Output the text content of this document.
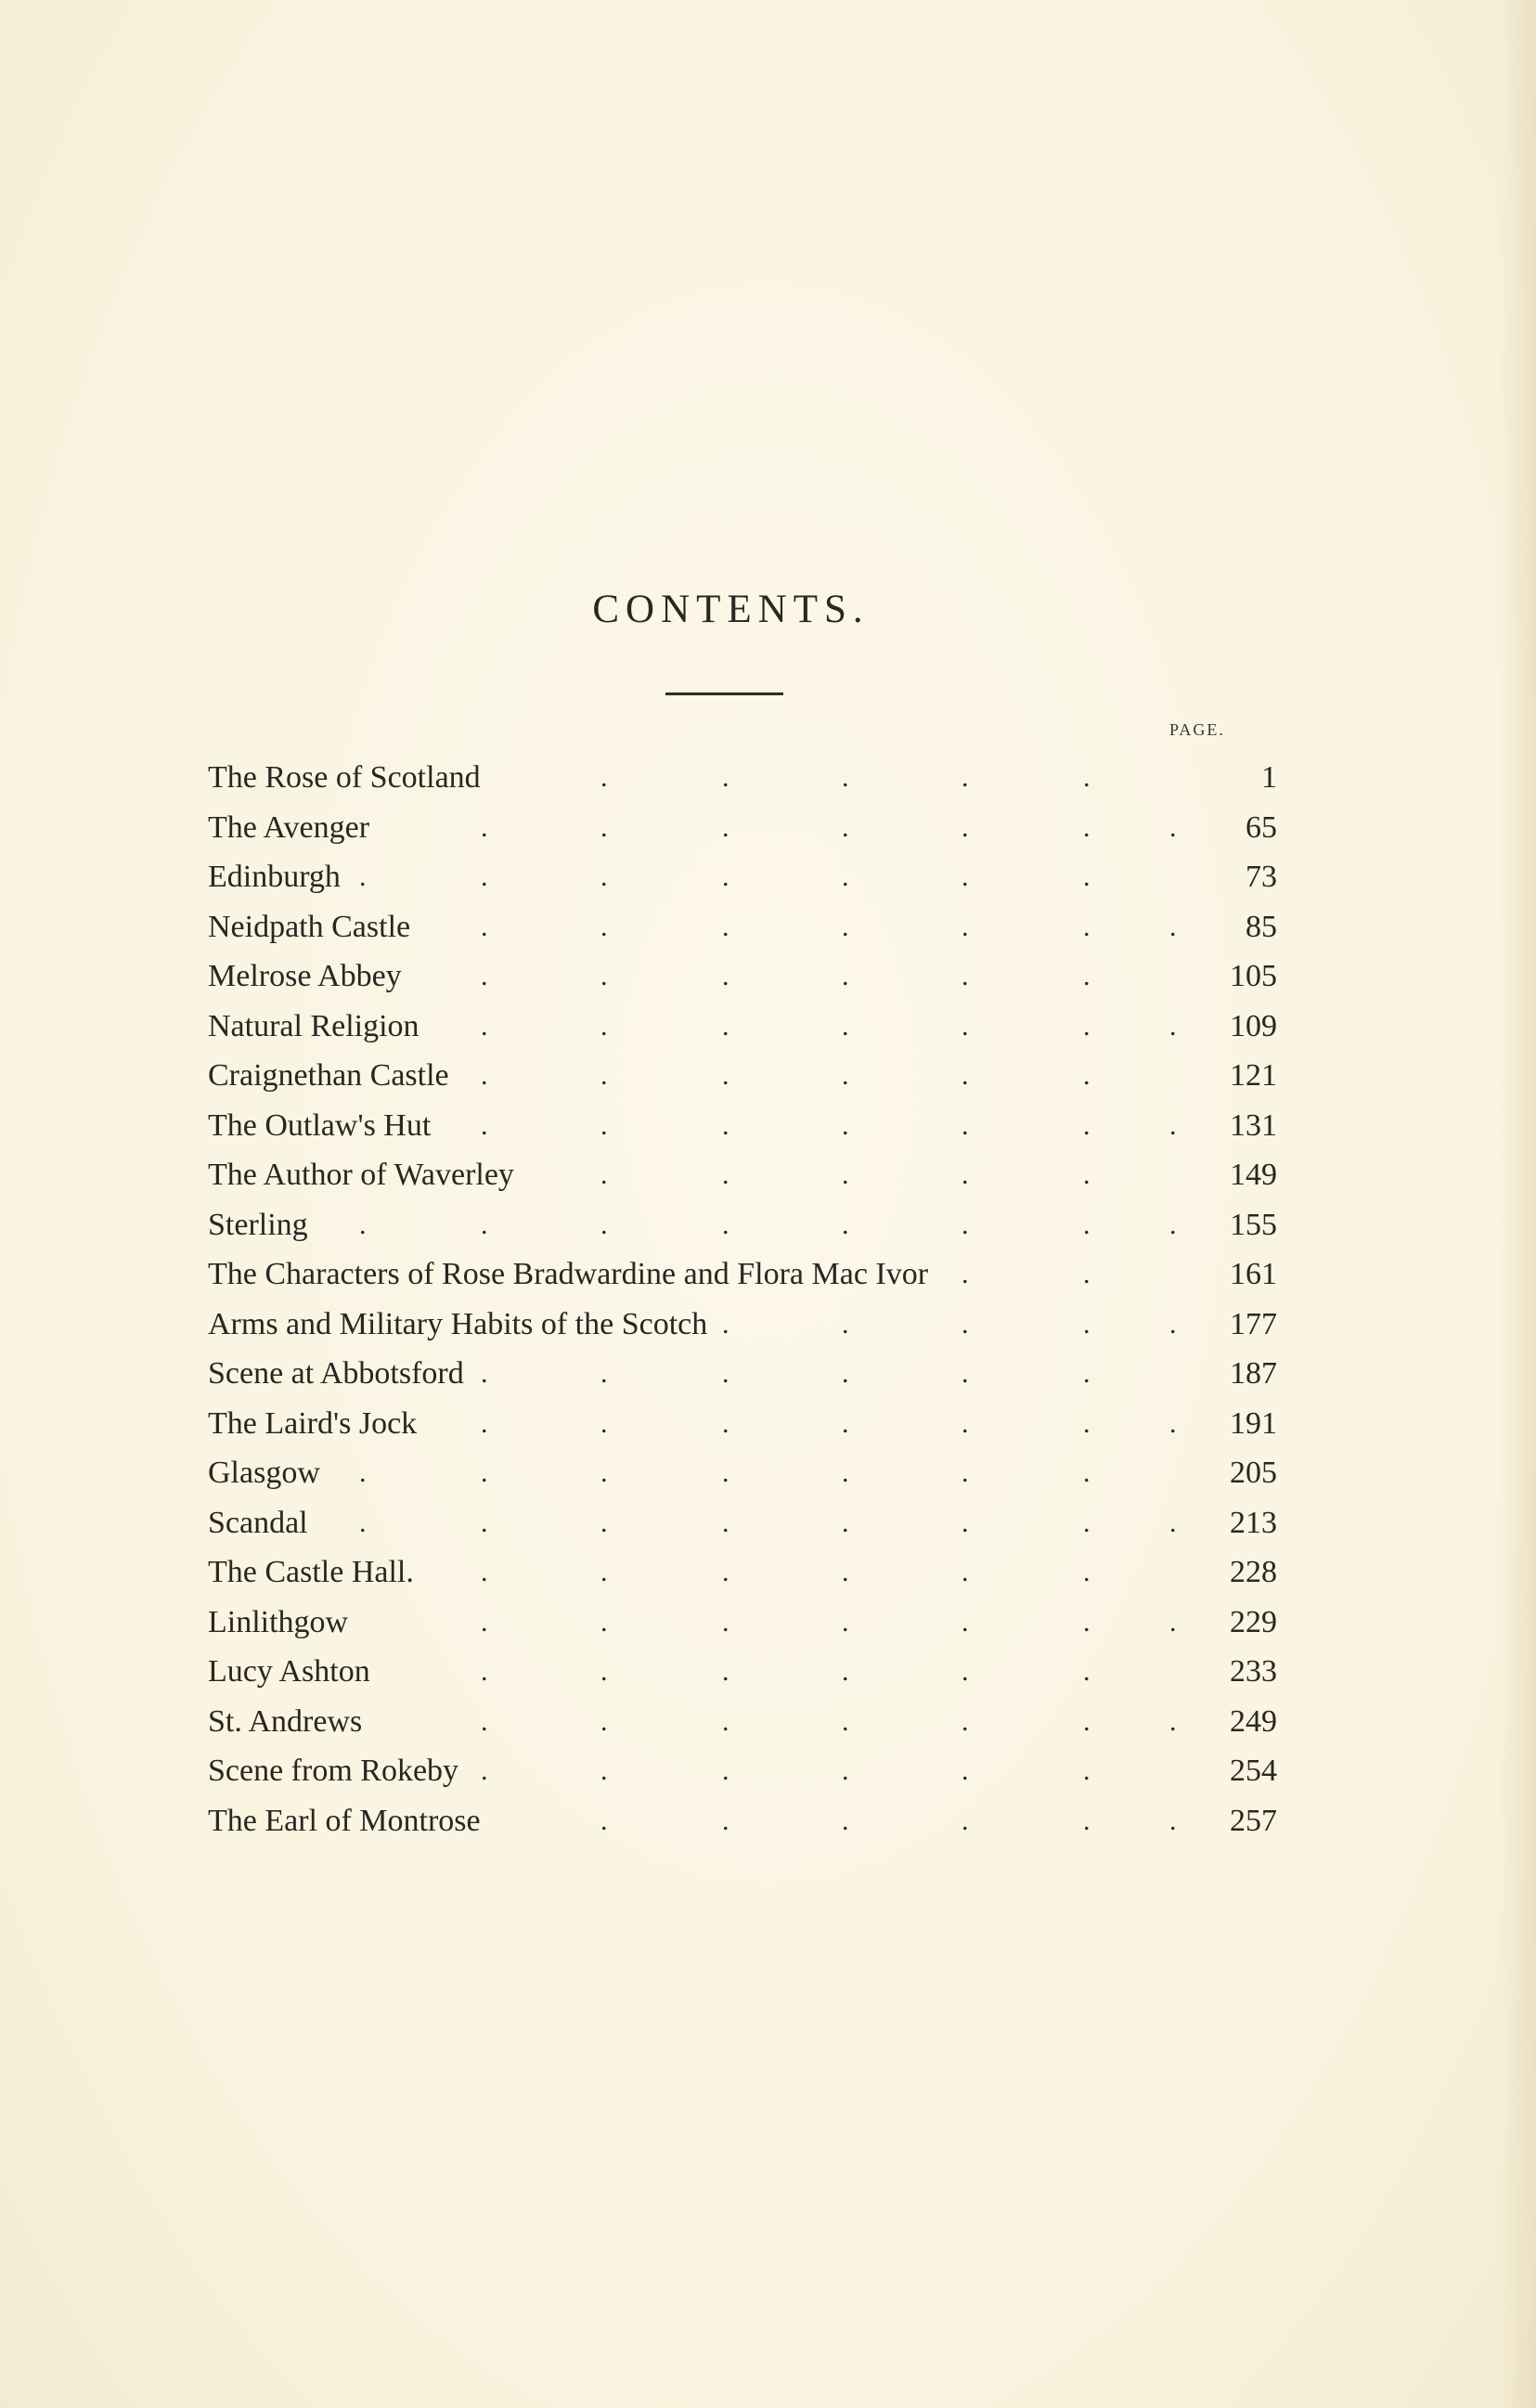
CONTENTS.
PAGE.
.	.	.	.	.
The Rose of Scotland	1
.	.	.	.	.	.	.
The Avenger	65
.	.	.	.	.	.	.
Edinburgh	73
.	.	.	.	.	.	.
Neidpath Castle	85
.	.	.	.	.	.
Melrose Abbey	105
.	.	.	.	.	.	.
Natural Religion	109
.	.	.	.	.	.
Craignethan Castle	121
.	.	.	.	.	.	.
The Outlaw's Hut	131
.	.	.	.	.
The Author of Waverley	149
.	.	.	.	.	.	.	.
Sterling	155
.	.
The Characters of Rose Bradwardine and Flora Mac Ivor	161
.	.	.	.	.
Arms and Military Habits of the Scotch	177
.	.	.	.	.	.
Scene at Abbotsford	187
.	.	.	.	.	.	.
The Laird's Jock	191
.	.	.	.	.	.	.
Glasgow	205
.	.	.	.	.	.	.	.
Scandal	213
.	.	.	.	.	.
The Castle Hall.	228
.	.	.	.	.	.	.
Linlithgow	229
.	.	.	.	.	.
Lucy Ashton	233
.	.	.	.	.	.	.
St. Andrews	249
.	.	.	.	.	.
Scene from Rokeby	254
.	.	.	.	.	.
The Earl of Montrose	257
